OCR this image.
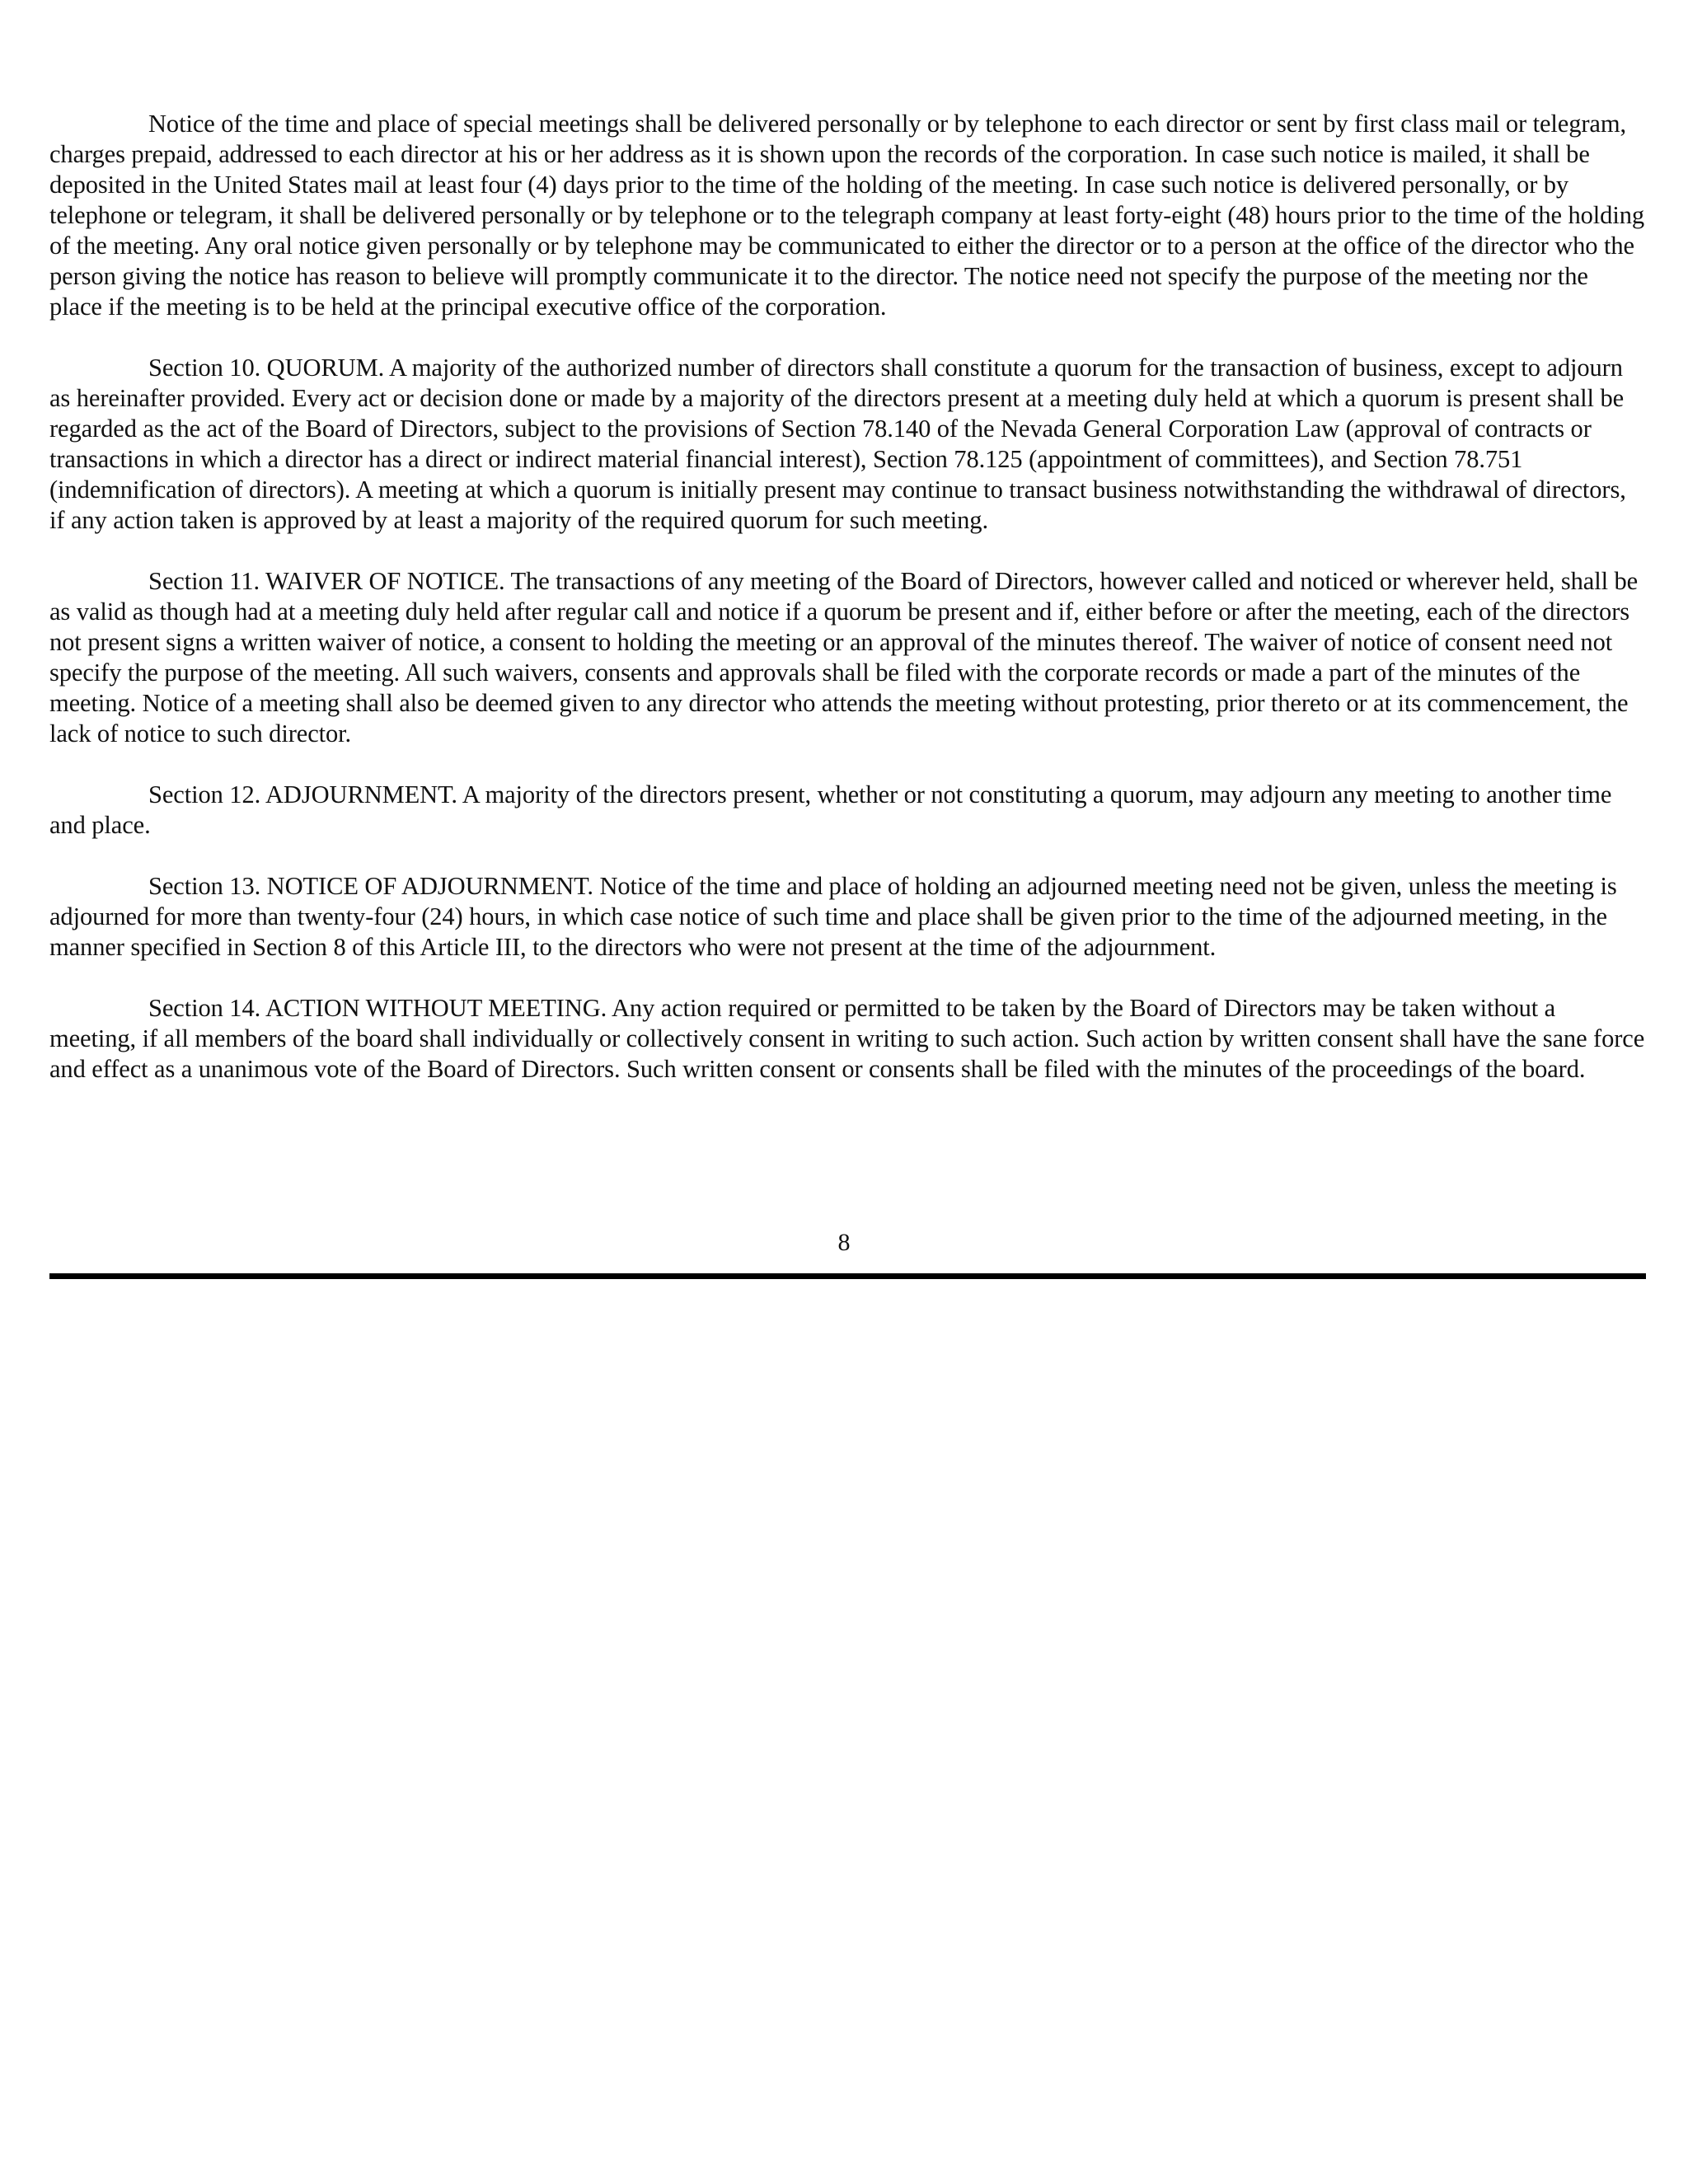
Notice of the time and place of special meetings shall be delivered personally or by telephone to each director or sent by first class mail or telegram, charges prepaid, addressed to each director at his or her address as it is shown upon the records of the corporation. In case such notice is mailed, it shall be deposited in the United States mail at least four (4) days prior to the time of the holding of the meeting. In case such notice is delivered personally, or by telephone or telegram, it shall be delivered personally or by telephone or to the telegraph company at least forty-eight (48) hours prior to the time of the holding of the meeting. Any oral notice given personally or by telephone may be communicated to either the director or to a person at the office of the director who the person giving the notice has reason to believe will promptly communicate it to the director. The notice need not specify the purpose of the meeting nor the place if the meeting is to be held at the principal executive office of the corporation.

Section 10. QUORUM. A majority of the authorized number of directors shall constitute a quorum for the transaction of business, except to adjourn as hereinafter provided. Every act or decision done or made by a majority of the directors present at a meeting duly held at which a quorum is present shall be regarded as the act of the Board of Directors, subject to the provisions of Section 78.140 of the Nevada General Corporation Law (approval of contracts or transactions in which a director has a direct or indirect material financial interest), Section 78.125 (appointment of committees), and Section 78.751 (indemnification of directors). A meeting at which a quorum is initially present may continue to transact business notwithstanding the withdrawal of directors, if any action taken is approved by at least a majority of the required quorum for such meeting.

Section 11. WAIVER OF NOTICE. The transactions of any meeting of the Board of Directors, however called and noticed or wherever held, shall be as valid as though had at a meeting duly held after regular call and notice if a quorum be present and if, either before or after the meeting, each of the directors not present signs a written waiver of notice, a consent to holding the meeting or an approval of the minutes thereof. The waiver of notice of consent need not specify the purpose of the meeting. All such waivers, consents and approvals shall be filed with the corporate records or made a part of the minutes of the meeting. Notice of a meeting shall also be deemed given to any director who attends the meeting without protesting, prior thereto or at its commencement, the lack of notice to such director.

Section 12. ADJOURNMENT. A majority of the directors present, whether or not constituting a quorum, may adjourn any meeting to another time and place.

Section 13. NOTICE OF ADJOURNMENT. Notice of the time and place of holding an adjourned meeting need not be given, unless the meeting is adjourned for more than twenty-four (24) hours, in which case notice of such time and place shall be given prior to the time of the adjourned meeting, in the manner specified in Section 8 of this Article III, to the directors who were not present at the time of the adjournment.

Section 14. ACTION WITHOUT MEETING. Any action required or permitted to be taken by the Board of Directors may be taken without a meeting, if all members of the board shall individually or collectively consent in writing to such action. Such action by written consent shall have the sane force and effect as a unanimous vote of the Board of Directors. Such written consent or consents shall be filed with the minutes of the proceedings of the board.

8
